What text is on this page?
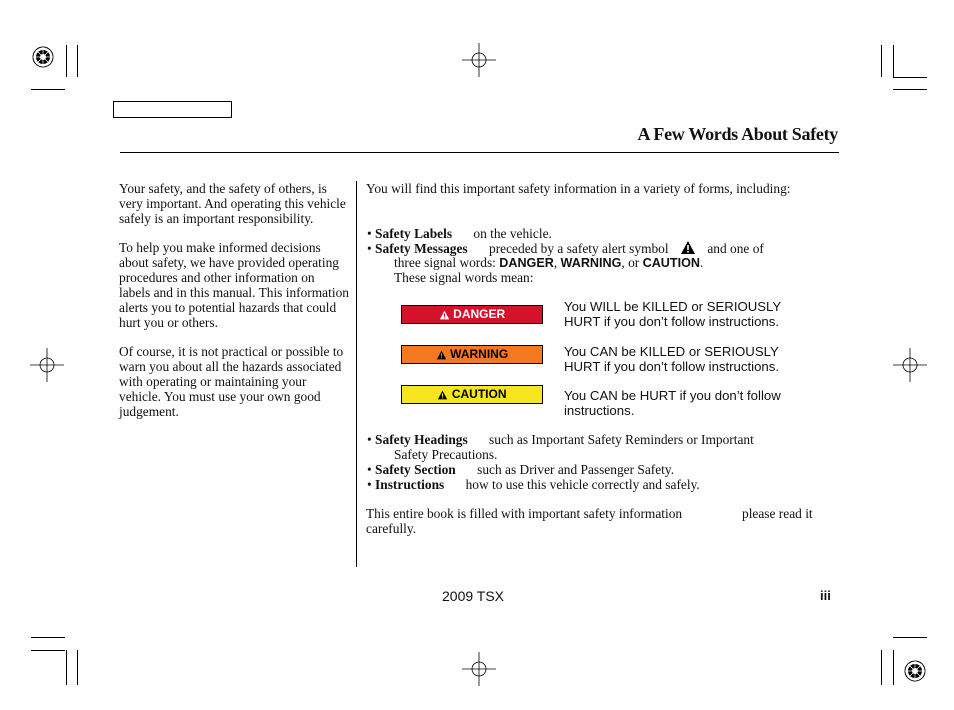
A Few Words About Safety

Your safety, and the safety of others, is very important. And operating this vehicle safely is an important responsibility.

To help you make informed decisions about safety, we have provided operating procedures and other information on labels and in this manual. This information alerts you to potential hazards that could hurt you or others.

Of course, it is not practical or possible to warn you about all the hazards associated with operating or maintaining your vehicle. You must use your own good judgement.

You will find this important safety information in a variety of forms, including:

• Safety Labels on the vehicle.
• Safety Messages preceded by a safety alert symbol	and one of
three signal words: DANGER, WARNING, or CAUTION.
These signal words mean:
DANGER	You WILL be KILLED or SERIOUSLY
HURT if you don’t follow instructions.
WARNING	You CAN be KILLED or SERIOUSLY
HURT if you don’t follow instructions.
CAUTION	You CAN be HURT if you don’t follow
instructions.
• Safety Headings such as Important Safety Reminders or Important
Safety Precautions.
• Safety Section such as Driver and Passenger Safety.
• Instructions how to use this vehicle correctly and safely.
This entire book is filled with important safety information	please read it
carefully.
2009 TSX	iii
